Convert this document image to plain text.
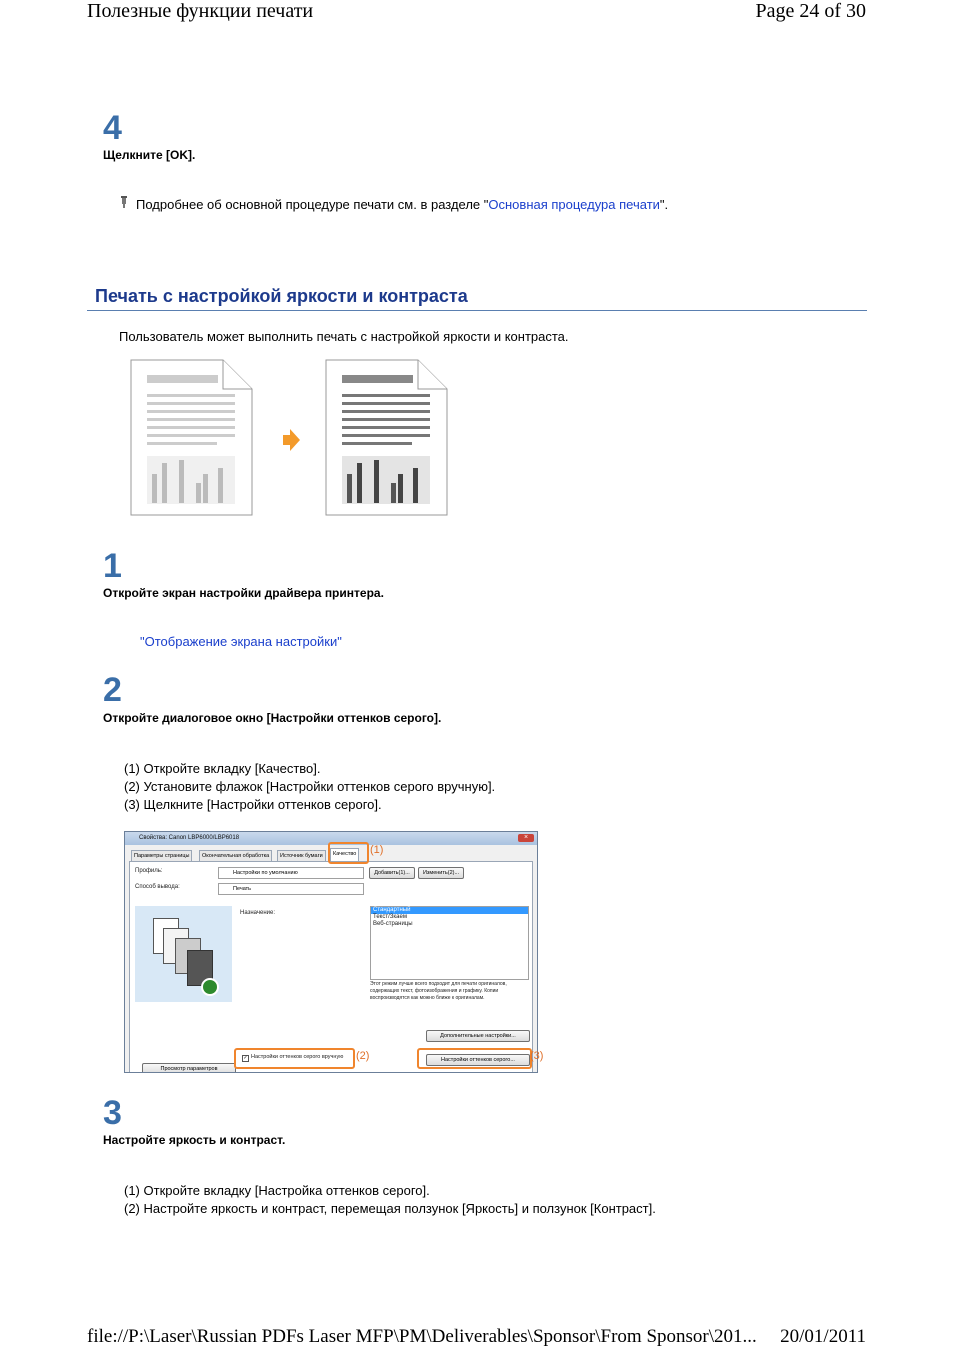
Полезные функции печати	Page 24 of 30
4
Щелкните [OK].
Подробнее об основной процедуре печати см. в разделе "Основная процедура печати".
Печать с настройкой яркости и контраста
Пользователь может выполнить печать с настройкой яркости и контраста.
1
Откройте экран настройки драйвера принтера.
"Отображение экрана настройки"
2
Откройте диалоговое окно [Настройки оттенков серого].
(1) Откройте вкладку [Качество].
(2) Установите флажок [Настройки оттенков серого вручную].
(3) Щелкните [Настройки оттенков серого].
Свойства: Canon LBP6000/LBP6018	×
Параметры страницы	Окончательная обработка	Источник бумаги	Качество
Профиль:	Настройки по умолчанию	Добавить(1)...	Изменить(2)...
Способ вывода:	Печать
Назначение:	Стандартный
Текст/Зкаем
Веб-страницы
Этот режим лучше всего подходит для печати оригиналов, содержащих текст, фотоизображения и графику. Копии воспроизводятся как можно ближе к оригиналам.
Дополнительные настройки...
✓ Настройки оттенков серого вручную	Настройки оттенков серого...
Просмотр параметров
(1)
(2)	(3)
3
Настройте яркость и контраст.
(1) Откройте вкладку [Настройка оттенков серого].
(2) Настройте яркость и контраст, перемещая ползунок [Яркость] и ползунок [Контраст].
file://P:\Laser\Russian PDFs Laser MFP\PM\Deliverables\Sponsor\From Sponsor\201... 20/01/2011
